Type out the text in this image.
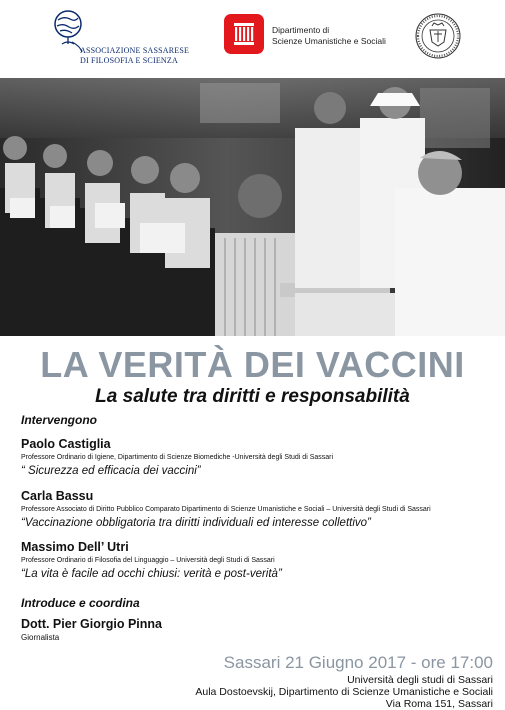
ASSOCIAZIONE SASSARESE
DI FILOSOFIA E SCIENZA
Dipartimento di
Scienze Umanistiche e Sociali
LA VERITÀ DEI VACCINI
La salute tra diritti e responsabilità
Intervengono
Paolo Castiglia
Professore Ordinario di Igiene, Dipartimento di Scienze Biomediche -Università degli Studi di Sassari
“ Sicurezza ed efficacia dei vaccini”
Carla Bassu
Professore Associato di Diritto Pubblico Comparato Dipartimento di Scienze Umanistiche e Sociali – Università degli Studi di Sassari
“Vaccinazione obbligatoria tra diritti individuali ed interesse collettivo”
Massimo Dell’ Utri
Professore Ordinario di Filosofia del Linguaggio – Università degli Studi di Sassari
“La vita è facile ad occhi chiusi: verità e post-verità”
Introduce e coordina
Dott. Pier Giorgio Pinna
Giornalista
Sassari 21 Giugno 2017 - ore 17:00
Università degli studi di Sassari
Aula Dostoevskij, Dipartimento di Scienze Umanistiche e Sociali
Via Roma 151, Sassari
